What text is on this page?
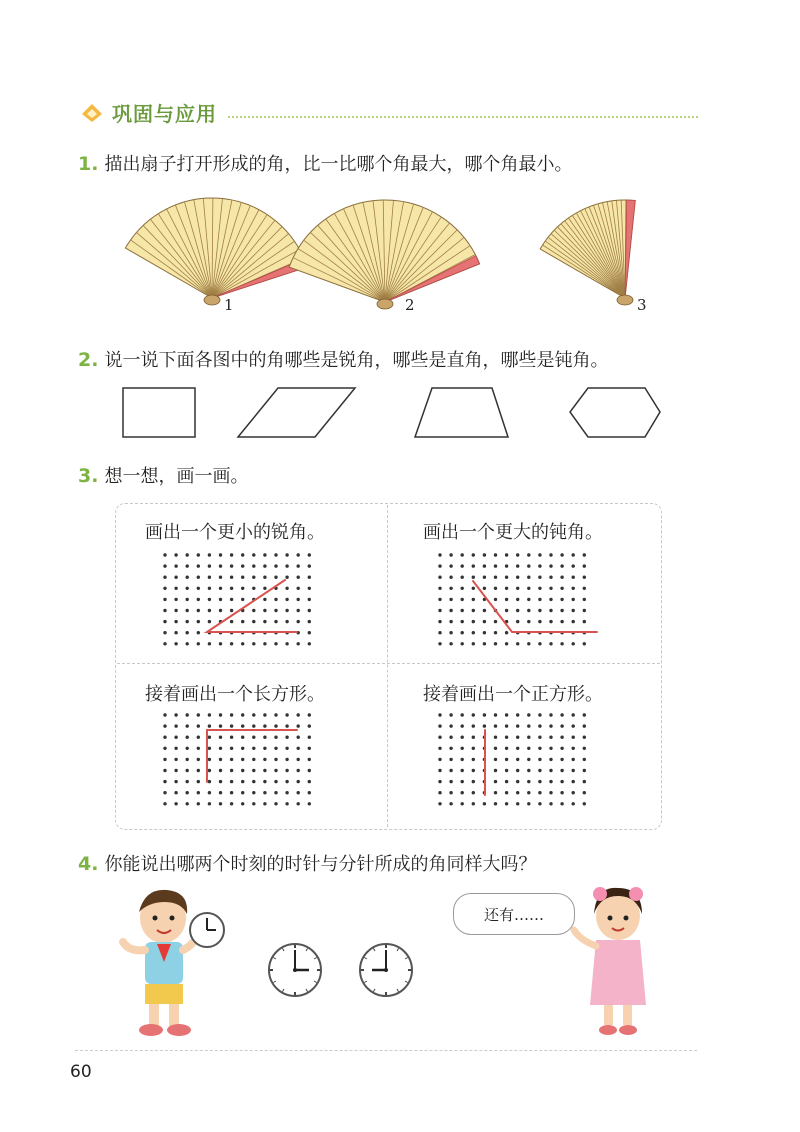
巩固与应用
1. 描出扇子打开形成的角，比一比哪个角最大，哪个角最小。
1	2	3
2. 说一说下面各图中的角哪些是锐角，哪些是直角，哪些是钝角。
3. 想一想，画一画。
画出一个更小的锐角。	画出一个更大的钝角。
接着画出一个长方形。	接着画出一个正方形。
4. 你能说出哪两个时刻的时针与分针所成的角同样大吗？
还有……
60
